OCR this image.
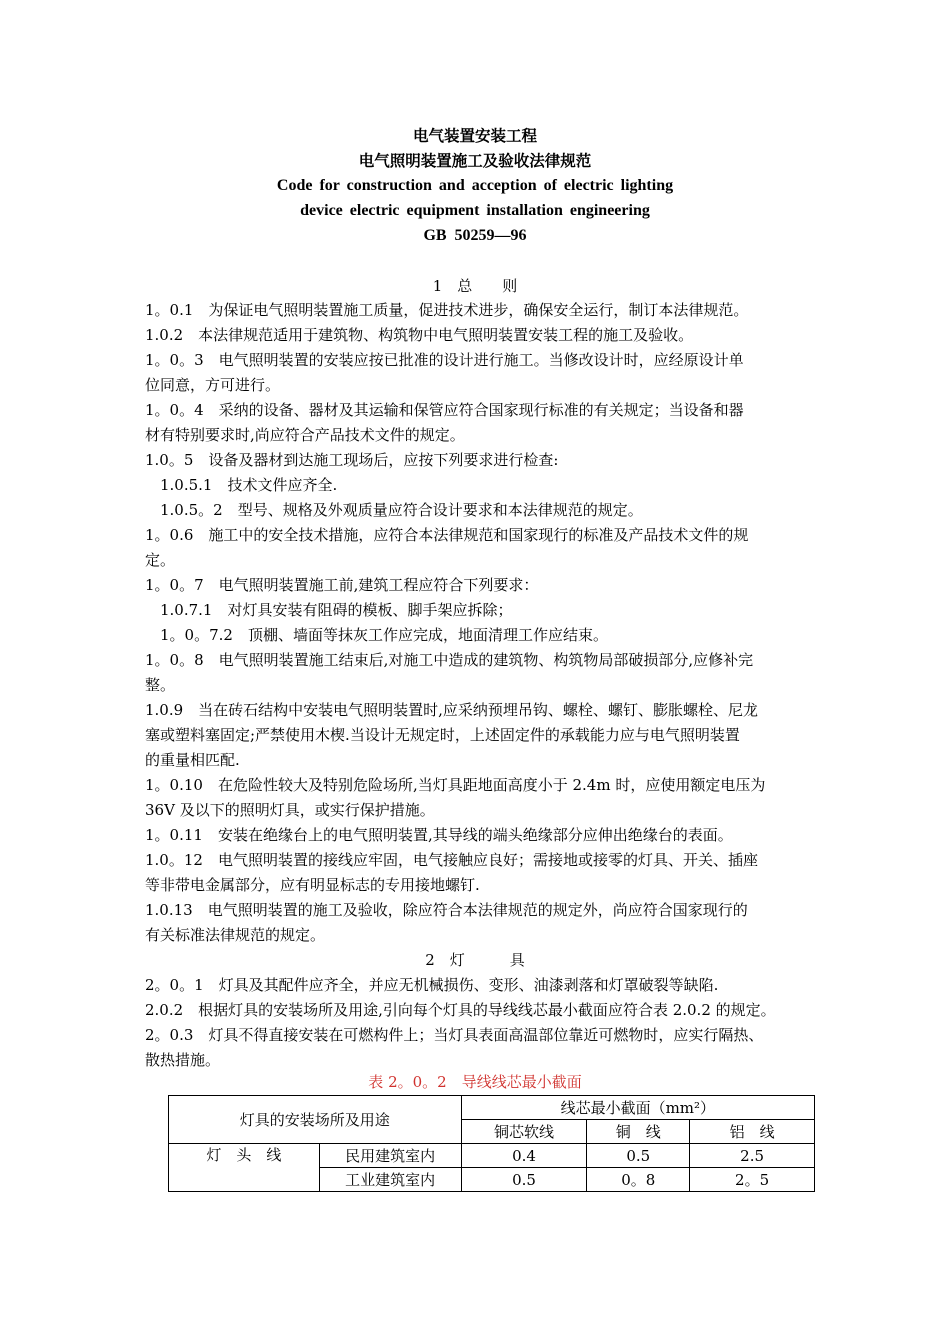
电气装置安装工程
电气照明装置施工及验收法律规范
Code for construction and acception of electric lighting
device electric equipment installation engineering
GB 50259—96
1　总　　则
1。0.1　为保证电气照明装置施工质量，促进技术进步，确保安全运行，制订本法律规范。
1.0.2　本法律规范适用于建筑物、构筑物中电气照明装置安装工程的施工及验收。
1。0。3　电气照明装置的安装应按已批准的设计进行施工。当修改设计时，应经原设计单
位同意，方可进行。
1。0。4　采纳的设备、器材及其运输和保管应符合国家现行标准的有关规定；当设备和器
材有特别要求时,尚应符合产品技术文件的规定。
1.0。5　设备及器材到达施工现场后，应按下列要求进行检查:
1.0.5.1　技术文件应齐全.
1.0.5。2　型号、规格及外观质量应符合设计要求和本法律规范的规定。
1。0.6　施工中的安全技术措施，应符合本法律规范和国家现行的标准及产品技术文件的规
定。
1。0。7　电气照明装置施工前,建筑工程应符合下列要求：
1.0.7.1　对灯具安装有阻碍的模板、脚手架应拆除；
1。0。7.2　顶棚、墙面等抹灰工作应完成，地面清理工作应结束。
1。0。8　电气照明装置施工结束后,对施工中造成的建筑物、构筑物局部破损部分,应修补完
整。
1.0.9　当在砖石结构中安装电气照明装置时,应采纳预埋吊钩、螺栓、螺钉、膨胀螺栓、尼龙
塞或塑料塞固定;严禁使用木楔.当设计无规定时，上述固定件的承载能力应与电气照明装置
的重量相匹配.
1。0.10　在危险性较大及特别危险场所,当灯具距地面高度小于 2.4m 时，应使用额定电压为
36V 及以下的照明灯具，或实行保护措施。
1。0.11　安装在绝缘台上的电气照明装置,其导线的端头绝缘部分应伸出绝缘台的表面。
1.0。12　电气照明装置的接线应牢固，电气接触应良好；需接地或接零的灯具、开关、插座
等非带电金属部分，应有明显标志的专用接地螺钉.
1.0.13　电气照明装置的施工及验收，除应符合本法律规范的规定外，尚应符合国家现行的
有关标准法律规范的规定。
2　灯　　　具
2。0。1　灯具及其配件应齐全，并应无机械损伤、变形、油漆剥落和灯罩破裂等缺陷.
2.0.2　根据灯具的安装场所及用途,引向每个灯具的导线线芯最小截面应符合表 2.0.2 的规定。
2。0.3　灯具不得直接安装在可燃构件上；当灯具表面高温部位靠近可燃物时，应实行隔热、
散热措施。
表 2。0。2　导线线芯最小截面
灯具的安装场所及用途		线芯最小截面（mm²）		
		铜芯软线	铜　线	铝　线
灯　头　线	民用建筑室内	0.4	0.5	2.5
	工业建筑室内	0.5	0。8	2。5
